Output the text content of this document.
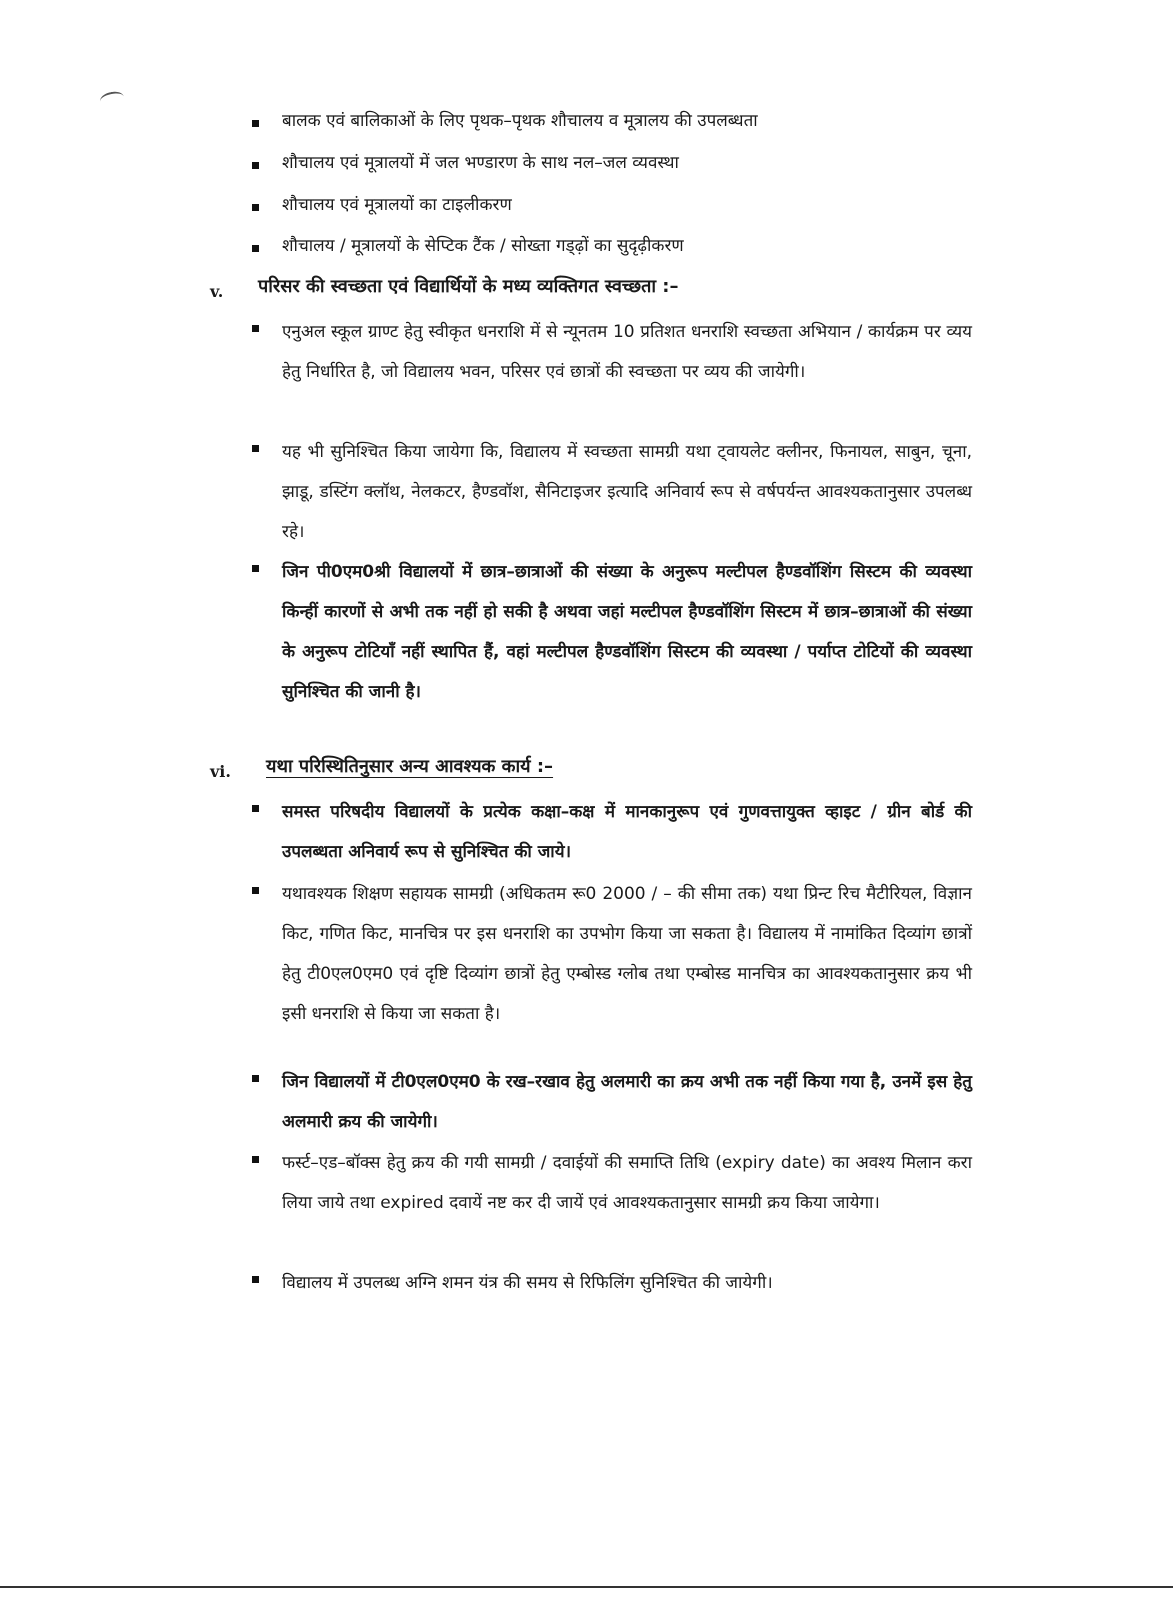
बालक एवं बालिकाओं के लिए पृथक–पृथक शौचालय व मूत्रालय की उपलब्धता
शौचालय एवं मूत्रालयों में जल भण्डारण के साथ नल–जल व्यवस्था
शौचालय एवं मूत्रालयों का टाइलीकरण
शौचालय / मूत्रालयों के सेप्टिक टैंक / सोख्ता गड्ढ़ों का सुदृढ़ीकरण
v. परिसर की स्वच्छता एवं विद्यार्थियों के मध्य व्यक्तिगत स्वच्छता :–
एनुअल स्कूल ग्राण्ट हेतु स्वीकृत धनराशि में से न्यूनतम 10 प्रतिशत धनराशि स्वच्छता अभियान / कार्यक्रम पर व्यय हेतु निर्धारित है, जो विद्यालय भवन, परिसर एवं छात्रों की स्वच्छता पर व्यय की जायेगी।
यह भी सुनिश्चित किया जायेगा कि, विद्यालय में स्वच्छता सामग्री यथा ट्वायलेट क्लीनर, फिनायल, साबुन, चूना, झाडू, डस्टिंग क्लॉथ, नेलकटर, हैण्डवॉश, सैनिटाइजर इत्यादि अनिवार्य रूप से वर्षपर्यन्त आवश्यकतानुसार उपलब्ध रहे।
जिन पी0एम0श्री विद्यालयों में छात्र–छात्राओं की संख्या के अनुरूप मल्टीपल हैण्डवॉशिंग सिस्टम की व्यवस्था किन्हीं कारणों से अभी तक नहीं हो सकी है अथवा जहां मल्टीपल हैण्डवॉशिंग सिस्टम में छात्र–छात्राओं की संख्या के अनुरूप टोटियाँ नहीं स्थापित हैं, वहां मल्टीपल हैण्डवॉशिंग सिस्टम की व्यवस्था / पर्याप्त टोटियों की व्यवस्था सुनिश्चित की जानी है।
vi. यथा परिस्थितिनुसार अन्य आवश्यक कार्य :–
समस्त परिषदीय विद्यालयों के प्रत्येक कक्षा–कक्ष में मानकानुरूप एवं गुणवत्तायुक्त व्हाइट / ग्रीन बोर्ड की उपलब्धता अनिवार्य रूप से सुनिश्चित की जाये।
यथावश्यक शिक्षण सहायक सामग्री (अधिकतम रू0 2000 / – की सीमा तक) यथा प्रिन्ट रिच मैटीरियल, विज्ञान किट, गणित किट, मानचित्र पर इस धनराशि का उपभोग किया जा सकता है। विद्यालय में नामांकित दिव्यांग छात्रों हेतु टी0एल0एम0 एवं दृष्टि दिव्यांग छात्रों हेतु एम्बोस्ड ग्लोब तथा एम्बोस्ड मानचित्र का आवश्यकतानुसार क्रय भी इसी धनराशि से किया जा सकता है।
जिन विद्यालयों में टी0एल0एम0 के रख–रखाव हेतु अलमारी का क्रय अभी तक नहीं किया गया है, उनमें इस हेतु अलमारी क्रय की जायेगी।
फर्स्ट–एड–बॉक्स हेतु क्रय की गयी सामग्री / दवाईयों की समाप्ति तिथि (expiry date) का अवश्य मिलान करा लिया जाये तथा expired दवायें नष्ट कर दी जायें एवं आवश्यकतानुसार सामग्री क्रय किया जायेगा।
विद्यालय में उपलब्ध अग्नि शमन यंत्र की समय से रिफिलिंग सुनिश्चित की जायेगी।
